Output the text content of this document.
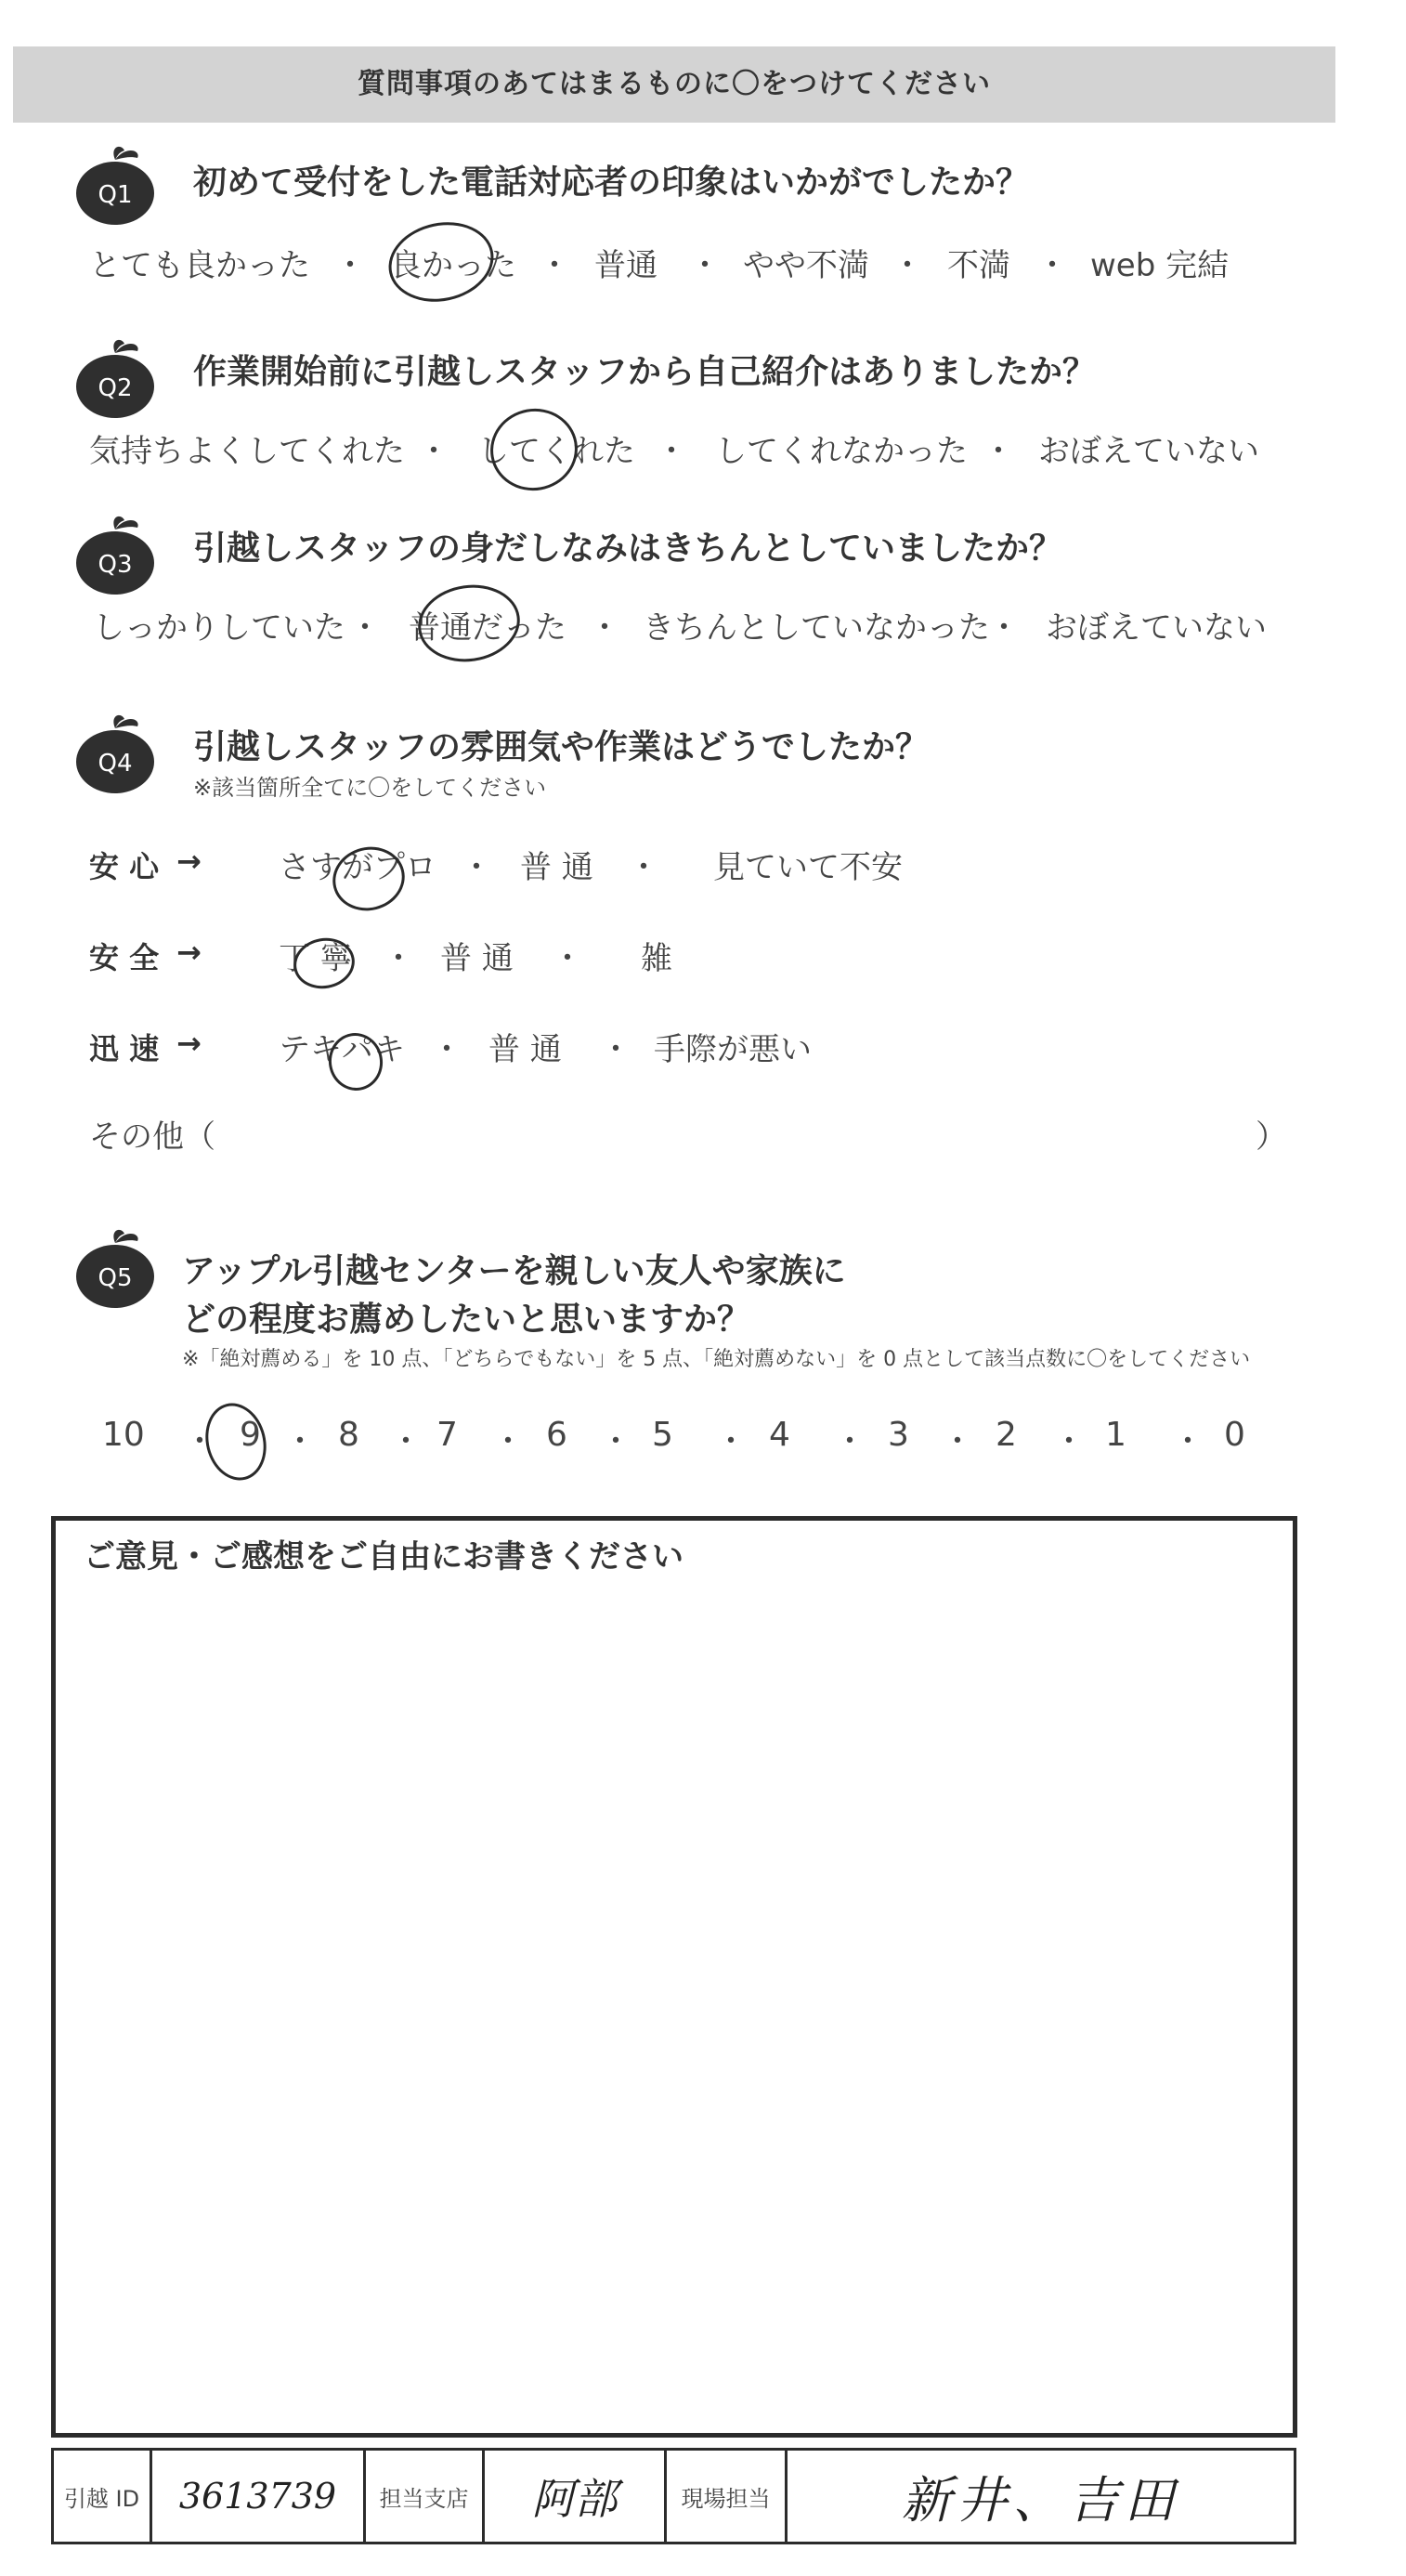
質問事項のあてはまるものに〇をつけてください
Q1 初めて受付をした電話対応者の印象はいかがでしたか？
とても良かった ・ 良かった ・ 普通 ・ やや不満 ・ 不満 ・ web 完結
Q2 作業開始前に引越しスタッフから自己紹介はありましたか？
気持ちよくしてくれた ・ してくれた ・ してくれなかった ・ おぼえていない
Q3 引越しスタッフの身だしなみはきちんとしていましたか？
しっかりしていた ・ 普通だった ・ きちんとしていなかった
・ おぼえていない
Q4 引越しスタッフの雰囲気や作業はどうでしたか？
※該当箇所全てに〇をしてください
安 心 → さすがプロ ・ 普 通 ・ 見ていて不安
安 全 → 丁 寧 ・ 普 通 ・ 雑
迅 速 → テキパキ ・ 普 通 ・ 手際が悪い
その他（	）
Q5 アップル引越センターを親しい友人や家族に
どの程度お薦めしたいと思いますか？
※「絶対薦める」を 10 点、「どちらでもない」を 5 点、「絶対薦めない」を 0 点として該当点数に〇をしてください
10 ・ 9 ・ 8 ・ 7 ・ 6 ・ 5 ・ 4 ・ 3 ・ 2 ・ 1 ・ 0
ご意見・ご感想をご自由にお書きください
引越 ID 3613739 担当支店 阿部	現場担当	新井、吉田
